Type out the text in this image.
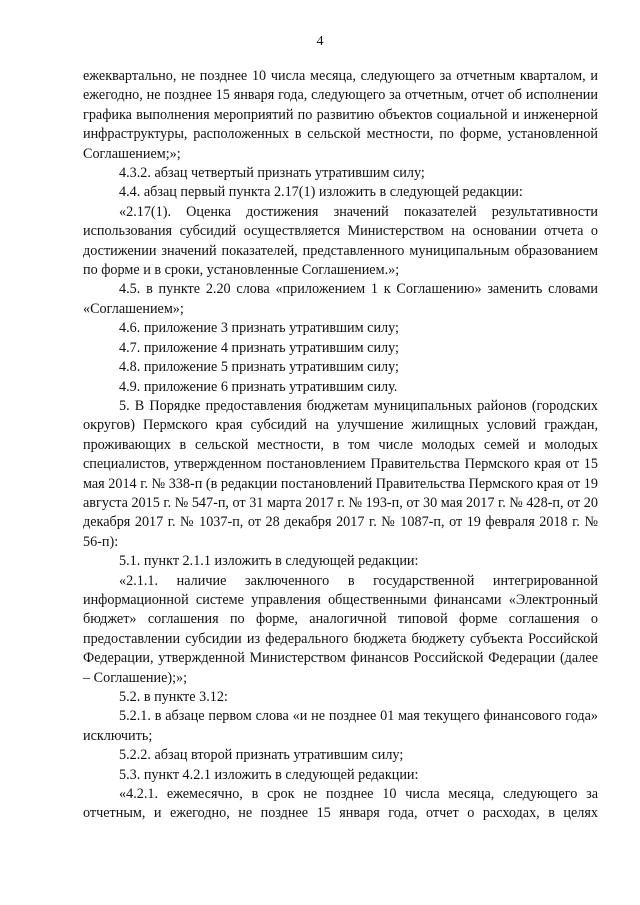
4

ежеквартально, не позднее 10 числа месяца, следующего за отчетным кварталом, и ежегодно, не позднее 15 января года, следующего за отчетным, отчет об исполнении графика выполнения мероприятий по развитию объектов социальной и инженерной инфраструктуры, расположенных в сельской местности, по форме, установленной Соглашением;»;

4.3.2. абзац четвертый признать утратившим силу;

4.4. абзац первый пункта 2.17(1) изложить в следующей редакции:

«2.17(1). Оценка достижения значений показателей результативности использования субсидий осуществляется Министерством на основании отчета о достижении значений показателей, представленного муниципальным образованием по форме и в сроки, установленные Соглашением.»;

4.5. в пункте 2.20 слова «приложением 1 к Соглашению» заменить словами «Соглашением»;

4.6. приложение 3 признать утратившим силу;

4.7. приложение 4 признать утратившим силу;

4.8. приложение 5 признать утратившим силу;

4.9. приложение 6 признать утратившим силу.

5. В Порядке предоставления бюджетам муниципальных районов (городских округов) Пермского края субсидий на улучшение жилищных условий граждан, проживающих в сельской местности, в том числе молодых семей и молодых специалистов, утвержденном постановлением Правительства Пермского края от 15 мая 2014 г. № 338-п (в редакции постановлений Правительства Пермского края от 19 августа 2015 г. № 547-п, от 31 марта 2017 г. № 193-п, от 30 мая 2017 г. № 428-п, от 20 декабря 2017 г. № 1037-п, от 28 декабря 2017 г. № 1087-п, от 19 февраля 2018 г. № 56-п):

5.1. пункт 2.1.1 изложить в следующей редакции:

«2.1.1. наличие заключенного в государственной интегрированной информационной системе управления общественными финансами «Электронный бюджет» соглашения по форме, аналогичной типовой форме соглашения о предоставлении субсидии из федерального бюджета бюджету субъекта Российской Федерации, утвержденной Министерством финансов Российской Федерации (далее – Соглашение);»;

5.2. в пункте 3.12:

5.2.1. в абзаце первом слова «и не позднее 01 мая текущего финансового года» исключить;

5.2.2. абзац второй признать утратившим силу;

5.3. пункт 4.2.1 изложить в следующей редакции:

«4.2.1. ежемесячно, в срок не позднее 10 числа месяца, следующего за отчетным, и ежегодно, не позднее 15 января года, отчет о расходах, в целях
